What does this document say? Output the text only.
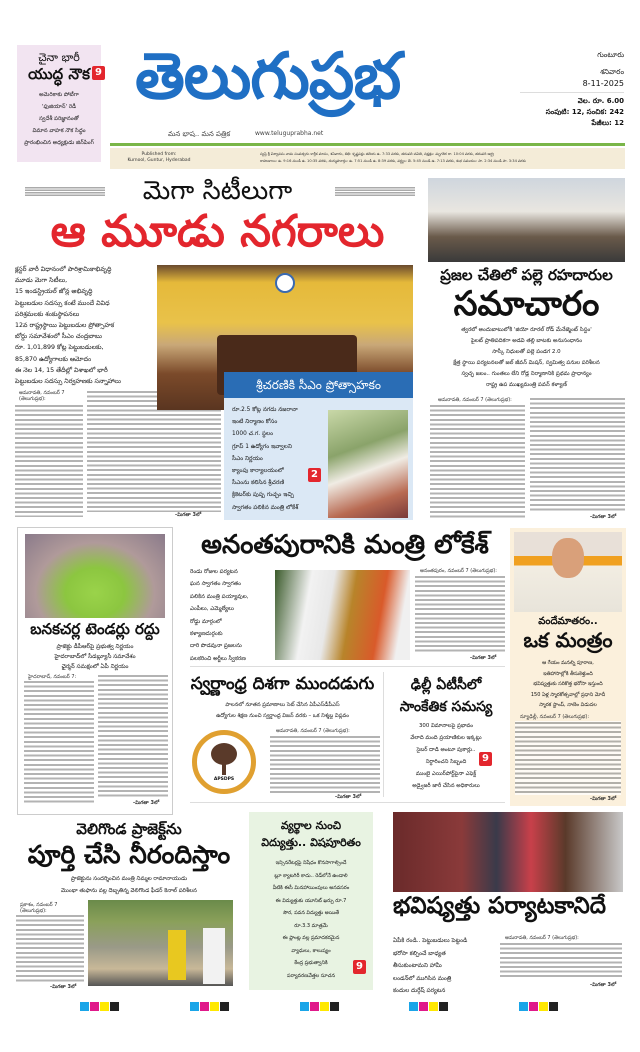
చైనా భారీ
యుద్ధ నౌక
అమెరికాకు పోటీగా
'ఫుజియాన్' రెడీ
స్వదేశీ పరిజ్ఞానంతో
విమాన వాహక నౌక సిద్ధం
ప్రారంభించిన అధ్యక్షుడు జిన్‌పింగ్
9 తెలుగుప్రభ
మన భాష.. మన పత్రిక	www.teluguprabha.net
గుంటూరు
శనివారం
8-11-2025
వెల. రూ. 6.00
సంపుటి: 12, సంచిక: 242
పేజీలు: 12
Published from:
Kurnool, Guntur, Hyderabad
స్వస్తి శ్రీ విశ్వావసు నామ సంవత్సరం కార్తీక మాసం, శనివారం, తిథి: కృష్ణపక్షం తదియ ఉ. 7:33 వరకు, తదుపరి చవితి, నక్షత్రం: మృగశిర రా. 10:04 వరకు, తదుపరి ఆర్ద్ర
రాహుకాలం: ఉ. 9:16 నుండి ఉ. 10:35 వరకు, దుర్ముహూర్తం: ఉ. 7:51 నుండి ఉ. 8:39 వరకు, వర్జ్యం: తె. 5:45 నుండి ఉ. 7:13 వరకు, శుభ సమయం: సా. 2:34 నుండి సా. 3:34 వరకు
మెగా సిటీలుగా
ఆ మూడు నగరాలు
క్లస్టర్ వారీ విధానంలో పారిశ్రామికాభివృద్ధి
మూడు మెగా సిటీలు,
15 ఇండస్ట్రియల్ జోన్ల అభివృద్ధి
పెట్టుబడుల సదస్సు కంటే ముందే వివిధ
పరిశ్రమలకు శంకుస్థాపనలు
12వ రాష్ట్రస్థాయి పెట్టుబడుల ప్రోత్సాహక
బోర్డు సమావేశంలో సీఎం చంద్రబాబు
రూ. 1,01,899 కోట్ల పెట్టుబడులకు,
85,870 ఉద్యోగాలకు ఆమోదం
ఈ నెల 14, 15 తేదీల్లో విశాఖలో భారీ
పెట్టుబడుల సదస్సు నిర్వహణకు సన్నాహాలు
అమరావతి, నవంబర్ 7 (తెలుగుప్రభ):
-మిగతా 3లో
శ్రీచరణికి సీఎం ప్రోత్సాహకం
రూ.2.5 కోట్ల నగదు నజరానా
ఇంటి నిర్మాణం కోసం
1000 చ.గ. స్థలం
గ్రూప్ 1 ఉద్యోగం ఇవ్వాలని
సీఎం నిర్ణయం
క్యాంపు కార్యాలయంలో
సీఎంను కలిసిన శ్రీచరణి
క్రికెటర్‌కు పుష్ప గుచ్ఛం ఇచ్చి
స్వాగతం పలికిన మంత్రి లోకేశ్
2
ప్రజల చేతిలో పల్లె రహదారుల
సమాచారం
త్వరలో అందుబాటులోకి 'జియో రూరల్ రోడ్ మేనేజ్మెంట్ సిస్టం'
పైలట్ ప్రాతిపదికగా అడవి తల్లి బాటకు అనుసంధానం
సాస్కీ నిధులతో పల్లె పండగ 2.0
క్షేత్ర స్థాయి పర్యటనలతో జల్ జీవన్ మిషన్, స్వమిత్వ పనుల పరిశీలన
స్వచ్ఛ జలం.. గుంతలు లేని రోడ్ల నిర్మాణానికి ప్రథమ ప్రాధాన్యం
రాష్ట్ర ఉప ముఖ్యమంత్రి పవన్ కళ్యాణ్
అమరావతి, నవంబర్ 7 (తెలుగుప్రభ):
-మిగతా 3లో
బనకచర్ల టెండర్లు రద్దు
ప్రాజెక్టు డీపీఆర్‌పై ప్రభుత్వ నిర్ణయం
హైదరాబాద్‌లో సీడబ్ల్యూసీ సమావేశం
ఛైర్మన్ సమక్షంలో ఏపీ నిర్ణయం
హైదరాబాద్, నవంబర్ 7:
-మిగతా 3లో
అనంతపురానికి మంత్రి లోకేశ్
రెండు రోజుల పర్యటన
ఘన స్వాగతం స్వాగతం
పలికిన మంత్రి పయ్యావుల,
ఎంపీలు, ఎమ్మెల్యేలు
రోడ్డు మార్గంలో
కళ్యాణదుర్గంకు
దారి పొడవునా ప్రజలను
పలకరించి అర్జీలు స్వీకరణ
అనంతపురం, నవంబర్ 7 (తెలుగుప్రభ):
-మిగతా 3లో
స్వర్ణాంధ్ర దిశగా ముందడుగు
పాలనలో నూతన ప్రమాణాలు సెట్ చేసిన ఏపీఎస్‌డీపీఎస్
ఉద్యోగుల శిక్షణ నుంచి స్వర్ణాంధ్ర విజన్ వరకు – ఒక నిశ్శబ్ద విప్లవం
APSDPS
అమరావతి, నవంబర్ 7 (తెలుగుప్రభ):
-మిగతా 3లో
ఢిల్లీ ఏటీసీలో
సాంకేతిక సమస్య
300 విమానాలపై ప్రభావం
వేలాది మంది ప్రయాణికుల ఇక్కట్లు
సైబర్ దాడి అంటూ పుకార్లు..
నిర్ధారించని సిబ్బంది
ముంబై ఎయిర్‌పోర్ట్‌పైనా ఎఫెక్ట్
అడ్వైజరీ జారీ చేసిన అధికారులు
9
వందేమాతరం..
ఒక మంత్రం
ఆ గేయం మనల్ని పూరాణ,
ఇతిహాసాల్లోకి తీసుకెళ్తుంది
భవిష్యత్తుకు సరికొత్త భరోసా ఇస్తుంది
150 ఏళ్ల స్మారకోత్సవాల్లో ప్రధాని మోదీ
స్మారక స్టాంప్, నాణెం విడుదల
న్యూఢిల్లీ, నవంబర్ 7 (తెలుగుప్రభ):
-మిగతా 3లో
వెలిగొండ ప్రాజెక్ట్‌ను
పూర్తి చేసి నీరందిస్తాం
ప్రాజెక్టును సందర్శించిన మంత్రి నిమ్మల రామానాయుడు
మొంథా తుఫాను వల్ల దెబ్బతిన్న వెలిగొండ ఫీడర్ కెనాల్ పరిశీలన
ప్రకాశం, నవంబర్ 7 (తెలుగుప్రభ):
-మిగతా 3లో
వ్యర్థాల నుంచి
విద్యుత్తు.. విషపూరితం
ఇన్సినరేటర్లపై నిషేధం కొనసాగాల్సిందే
బ్లూ క్యాటగిరీ కాదు.. రెడ్‌లోనే ఉండాలి
వీటికి ఈసీ మినహాయింపులు అనవసరం
ఈ విద్యుత్తుకు యూనిట్ ఖర్చు రూ.7
సౌర, పవన విద్యుత్తు అయితే
రూ.3.3 మాత్రమే
ఈ ప్లాంట్ల వల్ల ప్రమాదకరమైన
వ్యాధులు, కాలుష్యం
కేంద్ర ప్రభుత్వానికి
పర్యావరణవేత్తల సూచన
9
భవిష్యత్తు పర్యాటకానిదే
ఏపీకి రండి.. పెట్టుబడులు పెట్టండి
భరోసా కల్పించే బాధ్యత
తీసుకుంటామని హామీ
లండన్‌లో ముగిసిన మంత్రి
కందుల దుర్గేష్ పర్యటన
అమరావతి, నవంబర్ 7 (తెలుగుప్రభ):
-మిగతా 3లో
